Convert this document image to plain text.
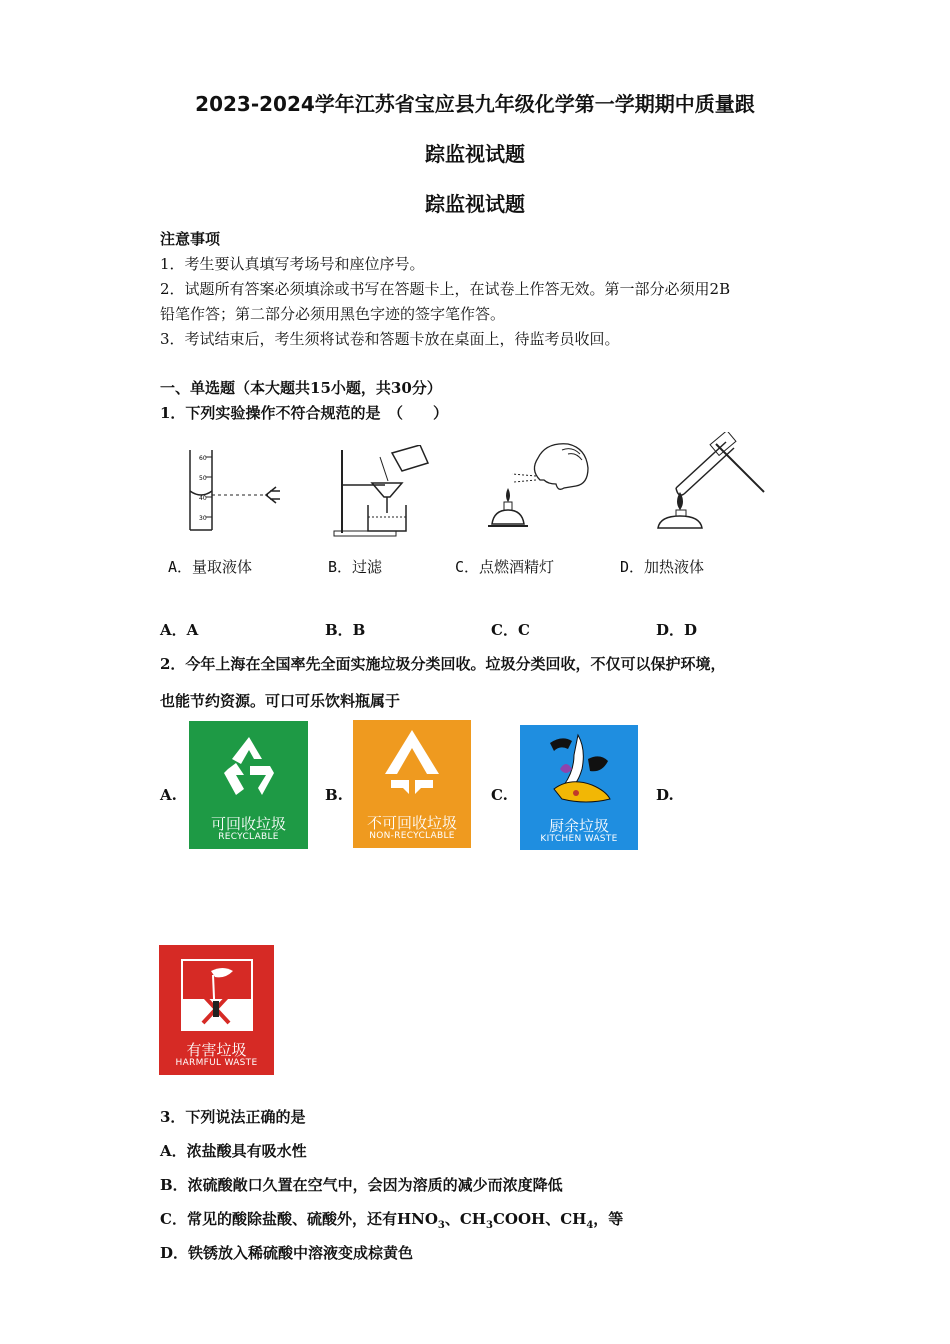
2023-2024学年江苏省宝应县九年级化学第一学期期中质量跟
踪监视试题
踪监视试题
注意事项
1．考生要认真填写考场号和座位序号。
2．试题所有答案必须填涂或书写在答题卡上，在试卷上作答无效。第一部分必须用2B
铅笔作答；第二部分必须用黑色字迹的签字笔作答。
3．考试结束后，考生须将试卷和答题卡放在桌面上，待监考员收回。
一、单选题（本大题共15小题，共30分）
1．下列实验操作不符合规范的是　（　　）
60
50
40
30
A．量取液体	B．过滤	C．点燃酒精灯	D．加热液体
A．A	B．B	C．C	D．D
2．今年上海在全国率先全面实施垃圾分类回收。垃圾分类回收，不仅可以保护环境，
也能节约资源。可口可乐饮料瓶属于
A.	B.	C.	D.
可回收垃圾
RECYCLABLE
不可回收垃圾
NON-RECYCLABLE
厨余垃圾
KITCHEN WASTE
有害垃圾
HARMFUL WASTE
3．下列说法正确的是
A．浓盐酸具有吸水性
B．浓硫酸敞口久置在空气中，会因为溶质的减少而浓度降低
C．常见的酸除盐酸、硫酸外，还有$HNO_3$、$CH_3COOH$、$CH_4$，等
D．铁锈放入稀硫酸中溶液变成棕黄色
